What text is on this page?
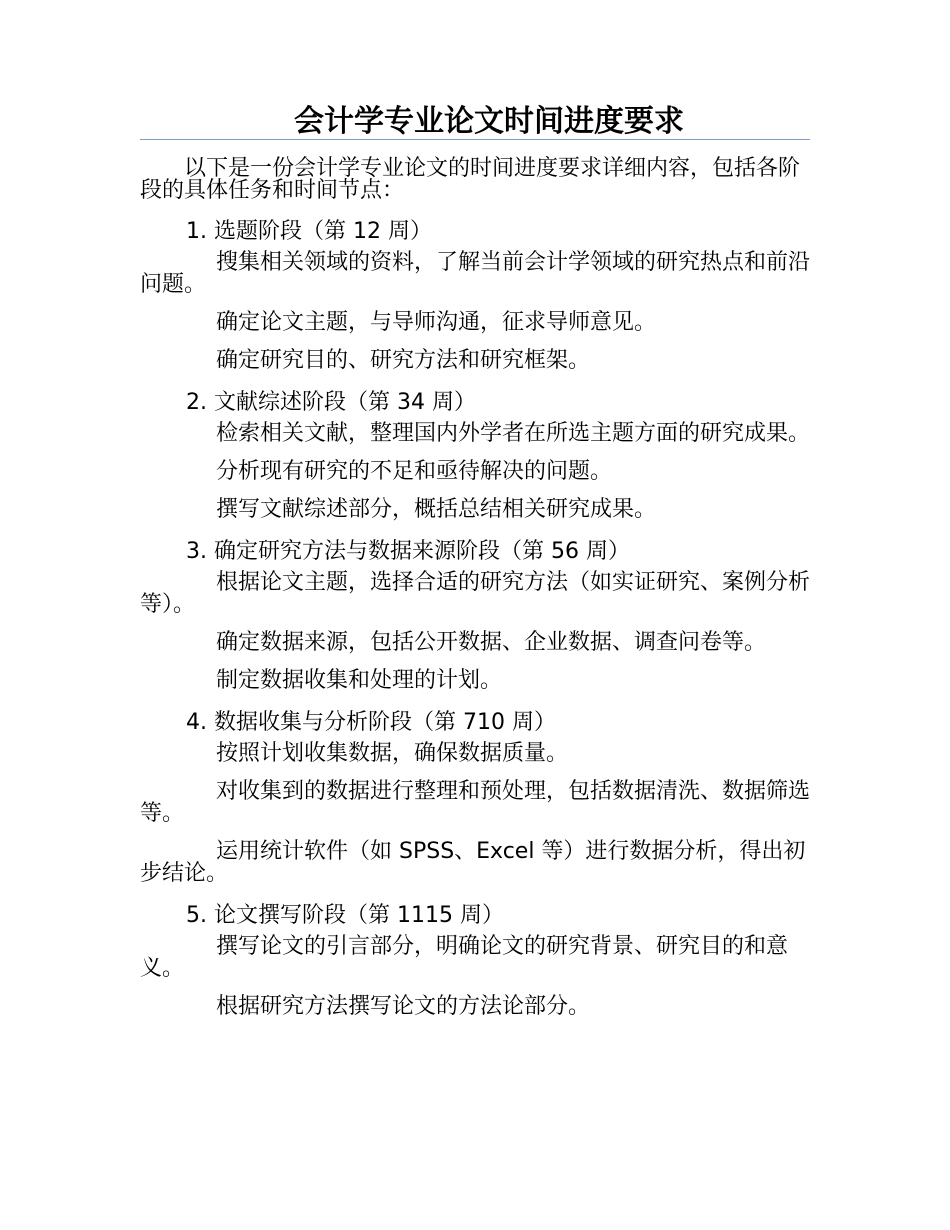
会计学专业论文时间进度要求

以下是一份会计学专业论文的时间进度要求详细内容，包括各阶段的具体任务和时间节点：

1. 选题阶段（第 12 周）

搜集相关领域的资料，了解当前会计学领域的研究热点和前沿问题。

确定论文主题，与导师沟通，征求导师意见。

确定研究目的、研究方法和研究框架。

2. 文献综述阶段（第 34 周）

检索相关文献，整理国内外学者在所选主题方面的研究成果。

分析现有研究的不足和亟待解决的问题。

撰写文献综述部分，概括总结相关研究成果。

3. 确定研究方法与数据来源阶段（第 56 周）

根据论文主题，选择合适的研究方法（如实证研究、案例分析等）。

确定数据来源，包括公开数据、企业数据、调查问卷等。

制定数据收集和处理的计划。

4. 数据收集与分析阶段（第 710 周）

按照计划收集数据，确保数据质量。

对收集到的数据进行整理和预处理，包括数据清洗、数据筛选等。

运用统计软件（如 SPSS、Excel 等）进行数据分析，得出初步结论。

5. 论文撰写阶段（第 1115 周）

撰写论文的引言部分，明确论文的研究背景、研究目的和意义。

根据研究方法撰写论文的方法论部分。
